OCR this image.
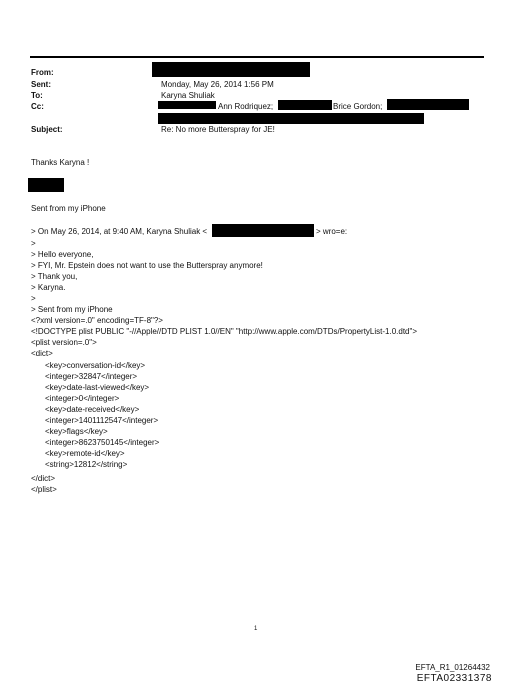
From:
Sent:
To:
Cc:
Subject:
Monday, May 26, 2014 1:56 PM
Karyna Shuliak
Ann Rodriquez;	Brice Gordon;
Re: No more Butterspray for JE!
Thanks Karyna !
Sent from my iPhone
> On May 26, 2014, at 9:40 AM, Karyna Shuliak <	> wro=e:
>
> Hello everyone,
> FYI, Mr. Epstein does not want to use the Butterspray anymore!
> Thank you,
> Karyna.
>
> Sent from my iPhone
<?xml version=.0" encoding=TF-8"?>
<!DOCTYPE plist PUBLIC "-//Apple//DTD PLIST 1.0//EN" "http://www.apple.com/DTDs/PropertyList-1.0.dtd">
<plist version=.0">
<dict>
<key>conversation-id</key>
<integer>32847</integer>
<key>date-last-viewed</key>
<integer>0</integer>
<key>date-received</key>
<integer>1401112547</integer>
<key>flags</key>
<integer>8623750145</integer>
<key>remote-id</key>
<string>12812</string>
</dict>
</plist>
1
EFTA_R1_01264432
EFTA02331378
